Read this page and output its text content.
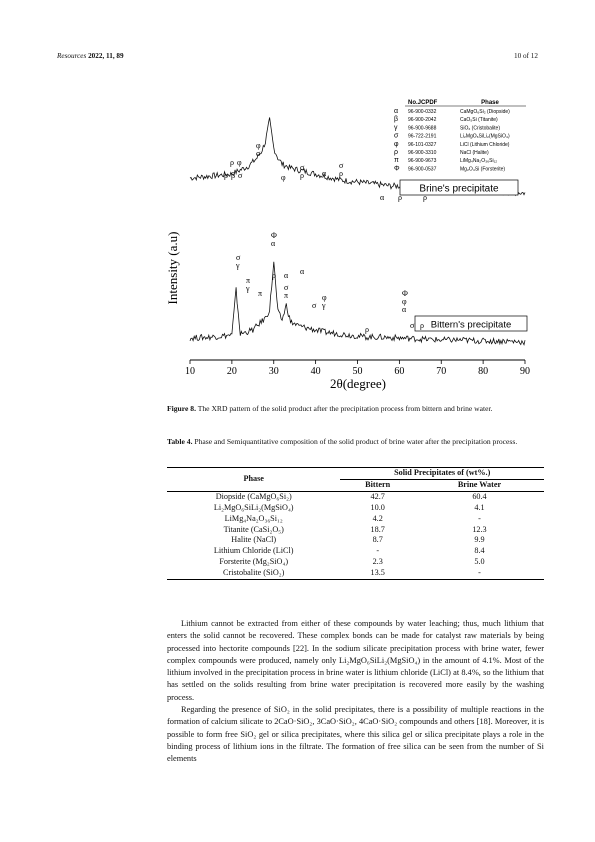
Resources 2022, 11, 89	10 of 12
Intensity (a.u)
2θ(degree)
10	20	30	40	50	60	70	80	90
Brine's precipitate
Bittern's precipitate
No.JCPDF	Phase
α 96-900-0332	CaMgO₆Si₂ (Diopside)
β 96-900-2042	CaO₅Si (Titanite)
γ 96-900-9688	SiO₂ (Cristobalite)
σ 96-722-2191	Li₂MgO₆SiLi₂(MgSiO₄)
φ 96-101-0327	LiCl (Lithium Chloride)
ρ 96-900-3310	NaCl (Halite)
π 96-900-9673	LiMg₄Na₂O₃₆Si₁₂
Φ 96-900-0537	Mg₂O₄Si (Forsterite)
φ
σ
ρ φ
ρ β σ	φ
σ
ρ α
σ
ρ
α ρ	ρ
σ
γ
Φ
α
π
γ
π
ρ α α
σ
π
σ
φ
γ
Φ
φ
α
ρ	σ ρ
Figure 8. The XRD pattern of the solid product after the precipitation process from bittern and brine water.
Table 4. Phase and Semiquantitative composition of the solid product of brine water after the precipitation process.
Phase	Solid Precipitates of (wt%.)	
	Bittern	Brine Water
Diopside (CaMgO₆Si₂)	42.7	60.4
Li₂MgO₆SiLi₂(MgSiO₄)	10.0	4.1
LiMg₄Na₂O₃₆Si₁₂	4.2	-
Titanite (CaSi₂O₅)	18.7	12.3
Halite (NaCl)	8.7	9.9
Lithium Chloride (LiCl)	-	8.4
Forsterite (Mg₂SiO₄)	2.3	5.0
Cristobalite (SiO₂)	13.5	-

Lithium cannot be extracted from either of these compounds by water leaching; thus, much lithium that enters the solid cannot be recovered. These complex bonds can be made for catalyst raw materials by being processed into hectorite compounds [22]. In the sodium silicate precipitation process with brine water, fewer complex compounds were produced, namely only Li₂MgO₆SiLi₂(MgSiO₄) in the amount of 4.1%. Most of the lithium involved in the precipitation process in brine water is lithium chloride (LiCl) at 8.4%, so the lithium that has settled on the solids resulting from brine water precipitation is recovered more easily by the washing process.

Regarding the presence of SiO₂ in the solid precipitates, there is a possibility of multiple reactions in the formation of calcium silicate to 2CaO·SiO₂, 3CaO·SiO₂, 4CaO·SiO₂ compounds and others [18]. Moreover, it is possible to form free SiO₂ gel or silica precipitates, where this silica gel or silica precipitate plays a role in the binding process of lithium ions in the filtrate. The formation of free silica can be seen from the number of Si elements
